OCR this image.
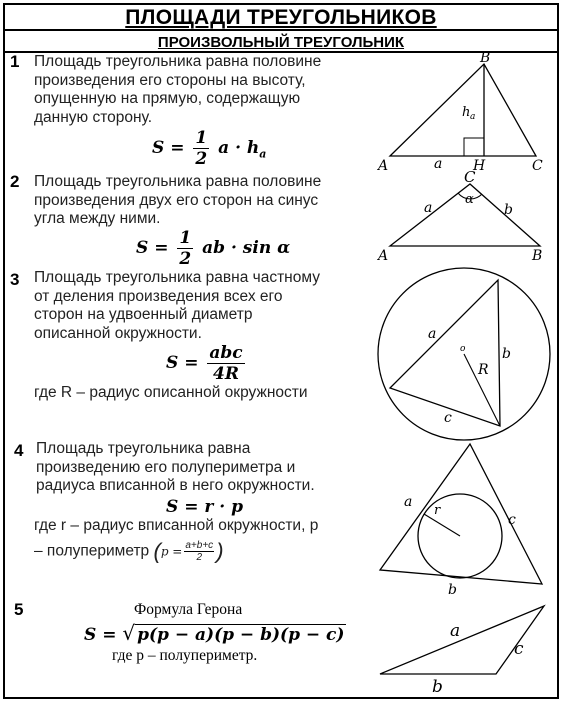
ПЛОЩАДИ ТРЕУГОЛЬНИКОВ
ПРОИЗВОЛЬНЫЙ ТРЕУГОЛЬНИК
1 Площадь треугольника равна половине
произведения его стороны на высоту,
опущенную на прямую, содержащую
данную сторону.
$S = \frac{1}{2}$ $a \cdot h_a$
A
B
C
H
a
h a
2 Площадь треугольника равна половине
произведения двух его сторон на синус
угла между ними.
$S = \frac{1}{2}$ ab · sin α
C
α
A	B
a	b
3 Площадь треугольника равна частному
от деления произведения всех его
сторон на удвоенный диаметр
описанной окружности.
$S = \frac{\text{abc}}{4R}$
где R – радиус описанной окружности
o
a
b
c
R
4 Площадь треугольника равна
произведению его полупериметра и
радиуса вписанной в него окружности.
S = r · p
где r – радиус вписанной окружности, p
– полупериметр ($p = \frac{a+b+c}{2}$ )
a
c
b
r
5	Формула Герона
S = √ p(p − a)(p − b)(p − c)
где p – полупериметр.
a
c
b
